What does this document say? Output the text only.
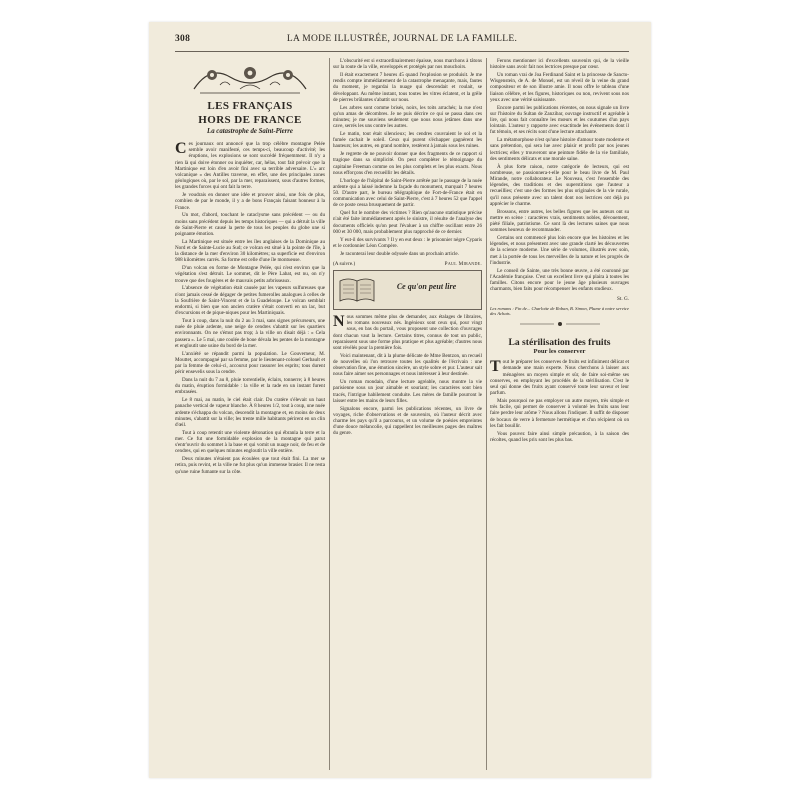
308	LA MODE ILLUSTRÉE, JOURNAL DE LA FAMILLE.
LES FRANÇAIS
HORS DE FRANCE
La catastrophe de Saint-Pierre

Ces journaux ont annoncé que la trop célèbre montagne Pelée semble avoir manifesté, ces temps-ci, beaucoup d'activité; les éruptions, les explosions se sont succédé fréquemment. Il n'y a rien là qui doive étonner ou inquiéter, car, hélas, tout fait prévoir que la Martinique est loin d'en avoir fini avec sa terrible adversaire. L'« arc volcanique » des Antilles traverse, en effet, une des principales zones géologiques où, par le sol, par la mer, reparaissent, sous d'autres formes, les grandes forces qui ont fait la terre.

Je voudrais en donner une idée et prouver ainsi, une fois de plus, combien de par le monde, il y a de bons Français faisant honneur à la France.

Un mot, d'abord, touchant le cataclysme sans précédent — ou du moins sans précédent depuis les temps historiques — qui a détruit la ville de Saint-Pierre et causé la perte de tous les peuples du globe une si poignante émotion.

La Martinique est située entre les îles anglaises de la Dominique au Nord et de Sainte-Lucie au Sud; ce volcan est situé à la pointe de l'île, à la distance de la mer d'environ 30 kilomètres; sa superficie est d'environ 988 kilomètres carrés. Sa forme est celle d'une île montueuse.

D'un volcan en forme de Montagne Pelée, qui n'est environ que la végétation s'est détruit. Le sommet, dit le Père Labat, est nu, on n'y trouve que des fougères et de mauvais petits arbrisseaux.

L'absence de végétation était causée par les vapeurs sulfureuses que n'ont jamais cessé de dégager de petites fumerolles analogues à celles de la Soufrière de Saint-Vincent et de la Guadeloupe. Le volcan semblait endormi, si bien que son ancien cratère s'était converti en un lac, but d'excursions et de pique-niques pour les Martiniquais.

Tout à coup, dans la nuit du 2 au 3 mai, sans signes précurseurs, une nuée de pluie ardente, une neige de cendres s'abattit sur les quartiers environnants. On ne s'émut pas trop; à la ville on disait déjà : « Cela passera ». Le 5 mai, une coulée de boue dévala les pentes de la montagne et engloutit une usine du bord de la mer.

L'anxiété se répandit parmi la population. Le Gouverneur, M. Mouttet, accompagné par sa femme, par le lieutenant-colonel Gerbault et par la femme de celui-ci, accourut pour rassurer les esprits; tous durent périr ensevelis sous la cendre.

Dans la nuit du 7 au 8, pluie torrentielle, éclairs, tonnerre; à 8 heures du matin, éruption formidable : la ville et la rade en un instant furent embrasées.

Le 8 mai, au matin, le ciel était clair. Du cratère s'élevait un haut panache vertical de vapeur blanche. À 8 heures 1/2, tout à coup, une nuée ardente s'échappa du volcan, descendit la montagne et, en moins de deux minutes, s'abattit sur la ville; les trente mille habitants périrent en un clin d'œil.

Tout à coup retentit une violente détonation qui ébranla la terre et la mer. Ce fut une formidable explosion de la montagne qui parut s'entr'ouvrir du sommet à la base et qui vomit un nuage noir, de feu et de cendres, qui en quelques minutes engloutit la ville entière.

Deux minutes n'étaient pas écoulées que tout était fini. La mer se retira, puis revint, et la ville ne fut plus qu'un immense brasier. Il ne resta qu'une ruine fumante sur la côte.

L'obscurité est si extraordinairement épaisse, nous marchons à tâtons sur la route de la ville, enveloppés et protégés par nos mouchoirs.

Il était exactement 7 heures 45 quand l'explosion se produisit. Je me rendis compte immédiatement de la catastrophe menaçante, mais, fautes du moment, je regardai la nuage qui descendait et roulait, se développant. Au même instant, tous toutes les vitres éclatent, et la grêle de pierres brûlantes s'abattit sur nous.

Les arbres sont comme brisés, noirs, les toits arrachés; la rue n'est qu'un amas de décombres. Je ne puis décrire ce qui se passa dans ces minutes; je me souviens seulement que nous nous jetâmes dans une cave, serrés les uns contre les autres.

Le matin, tout était silencieux; les cendres couvraient le sol et la fumée cachait le soleil. Ceux qui purent s'échapper gagnèrent les hauteurs; les autres, en grand nombre, restèrent à jamais sous les ruines.

Je regrette de ne pouvoir donner que des fragments de ce rapport si tragique dans sa simplicité. On peut compléter le témoignage du capitaine Freeman comme on les plus complets et les plus exacts. Nous nous efforçons d'en recueillir les détails.

L'horloge de l'hôpital de Saint-Pierre arrêtée par le passage de la nuée ardente qui a laissé indemne la façade du monument, marquait 7 heures 50. D'autre part, le bureau télégraphique de Fort-de-France était en communication avec celui de Saint-Pierre, c'est à 7 heures 52 que l'appel de ce poste cessa brusquement de partir.

Quel fut le nombre des victimes ? Rien qu'aucune statistique précise n'ait été faite immédiatement après le sinistre, il résulte de l'analyse des documents officiels qu'on peut l'évaluer à un chiffre oscillant entre 26 000 et 30 000, mais probablement plus rapproché de ce dernier.

Y eut-il des survivants ? Il y en eut deux : le prisonnier nègre Cyparis et le cordonnier Léon Compère.

Je raconterai leur double odyssée dans un prochain article.

(A suivre.)	Paul Mirande.
Ce qu'on peut lire

Nous sommes même plus de demander, aux étalages de libraires, les romans nouveaux nés. Ingénieux sont ceux qui, pour vingt sous, en bas du portail, vous proposent une collection d'ouvrages dont chacun vaut la lecture. Certains titres, connus de tout un public, reparaissent sous une forme plus pratique et plus agréable; d'autres nous sont révélés pour la première fois.

Voici maintenant, dit à la plume délicate de Mme Bentzon, un recueil de nouvelles où l'on retrouve toutes les qualités de l'écrivain : une observation fine, une émotion sincère, un style sobre et pur. L'auteur sait nous faire aimer ses personnages et nous intéresser à leur destinée.

Un roman mondain, d'une lecture agréable, nous montre la vie parisienne sous un jour aimable et souriant; les caractères sont bien tracés, l'intrigue habilement conduite. Les mères de famille pourront le laisser entre les mains de leurs filles.

Signalons encore, parmi les publications récentes, un livre de voyages, riche d'observations et de souvenirs, où l'auteur décrit avec charme les pays qu'il a parcourus, et un volume de poésies empreintes d'une douce mélancolie, qui rappellent les meilleures pages des maîtres du genre.

Ferons mentionner ici d'excellents souvenirs qui, de la vieille histoire sans avoir fait nos lectrices presque par cœur.

Un roman vrai de Joa Ferdinand Saint et la princesse de Sancto-Wisgenstein, de A. de Monsel, est un réveil de la veine du grand compositeur et de son illustre amie. Il nous offre le tableau d'une liaison célèbre, et les figures, historiques ou non, revivent sous nos yeux avec une vérité saisissante.

Encore parmi les publications récentes, on nous signale un livre sur l'histoire du Sultan de Zanzibar, ouvrage instructif et agréable à lire, qui nous fait connaître les mœurs et les coutumes d'un pays lointain. L'auteur y rapporte avec exactitude les événements dont il fut témoin, et ses récits sont d'une lecture attachante.

La métamorphose n'est qu'une histoire d'amour toute moderne et sans prétention, qui sera lue avec plaisir et profit par nos jeunes lectrices; elles y trouveront une peinture fidèle de la vie familiale, des sentiments délicats et une morale saine.

À plus forte raison, notre catégorie de lecteurs, qui est nombreuse, se passionnera-t-elle pour le beau livre de M. Paul Mirande, notre collaborateur. Le Nouveau, c'est l'ensemble des légendes, des traditions et des superstitions que l'auteur a recueillies; c'est une des formes les plus originales de la vie rurale, qu'il nous présente avec un talent dont nos lectrices ont déjà pu apprécier le charme.

Brossons, entre autres, les belles figures que les auteurs ont su mettre en scène : caractères vrais, sentiments nobles, dévouement, piété filiale, patriotisme. Ce sont là des lectures saines que nous sommes heureux de recommander.

Certains ont commencé plus loin encore que les histoires et les légendes, et nous présentent avec une grande clarté les découvertes de la science moderne. Une série de volumes, illustrés avec soin, met à la portée de tous les merveilles de la nature et les progrès de l'industrie.

Le conseil de Sainte, une très bonne œuvre, a été couronné par l'Académie française. C'est un excellent livre qui plaira à toutes les familles. Citons encore pour le jeune âge plusieurs ouvrages charmants, bien faits pour récompenser les enfants studieux.

St. G.

Les romans : Fin de... Charlotte de Roban, B. Simon, Plume à notre service des Achats.

La stérilisation des fruits
Pour les conserver

Tout le préparer les conserves de fruits est infiniment délicat et demande une main experte. Nous cherchons à laisser aux ménagères un moyen simple et sûr, de faire soi-même ses conserves, en employant les procédés de la stérilisation. C'est le seul qui donne des fruits ayant conservé toute leur saveur et leur parfum.

Mais pourquoi ne pas employer un autre moyen, très simple et très facile, qui permet de conserver à volonté les fruits sans leur faire perdre leur arôme ? Nous allons l'indiquer. Il suffit de disposer de bocaux de verre à fermeture hermétique et d'un récipient où on les fait bouillir.

Vous pouvez faire ainsi simple précaution, à la saison des récoltes, quand les prix sont les plus bas.
